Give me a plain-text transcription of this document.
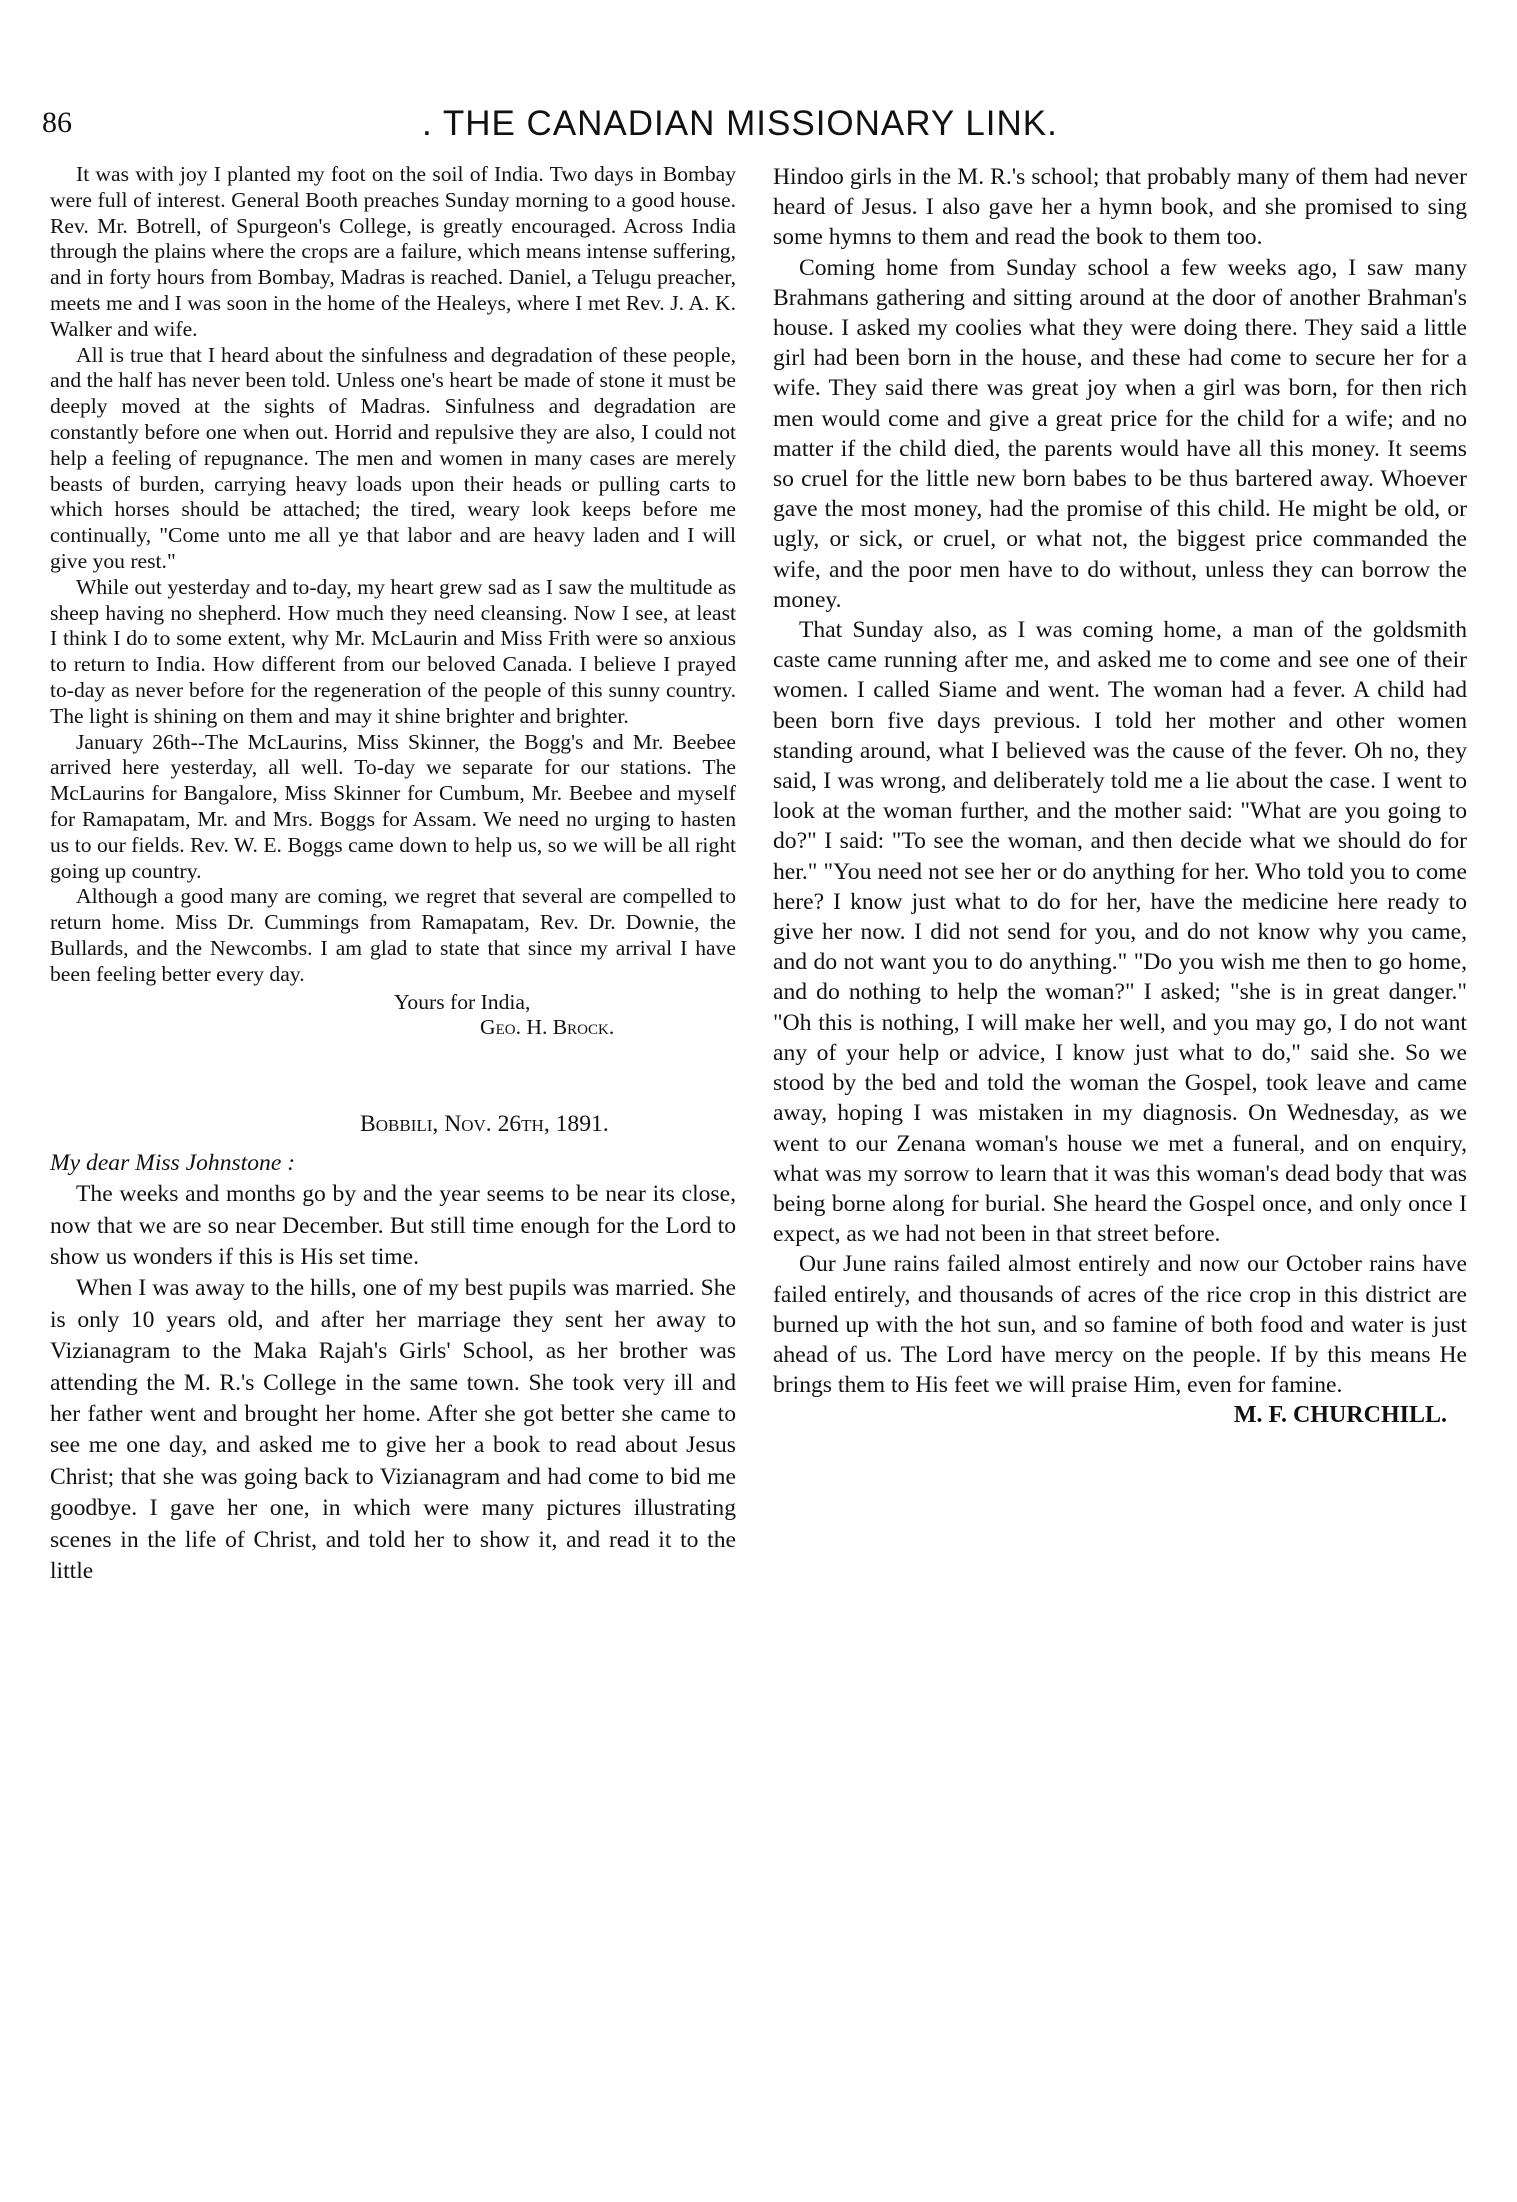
86	. THE CANADIAN MISSIONARY LINK.

It was with joy I planted my foot on the soil of India. Two days in Bombay were full of interest. General Booth preaches Sunday morning to a good house. Rev. Mr. Botrell, of Spurgeon's College, is greatly encouraged. Across India through the plains where the crops are a failure, which means intense suffering, and in forty hours from Bombay, Madras is reached. Daniel, a Telugu preacher, meets me and I was soon in the home of the Healeys, where I met Rev. J. A. K. Walker and wife.

All is true that I heard about the sinfulness and degradation of these people, and the half has never been told. Unless one's heart be made of stone it must be deeply moved at the sights of Madras. Sinfulness and degradation are constantly before one when out. Horrid and repulsive they are also, I could not help a feeling of repugnance. The men and women in many cases are merely beasts of burden, carrying heavy loads upon their heads or pulling carts to which horses should be attached; the tired, weary look keeps before me continually, "Come unto me all ye that labor and are heavy laden and I will give you rest."

While out yesterday and to-day, my heart grew sad as I saw the multitude as sheep having no shepherd. How much they need cleansing. Now I see, at least I think I do to some extent, why Mr. McLaurin and Miss Frith were so anxious to return to India. How different from our beloved Canada. I believe I prayed to-day as never before for the regeneration of the people of this sunny country. The light is shining on them and may it shine brighter and brighter.

January 26th--The McLaurins, Miss Skinner, the Bogg's and Mr. Beebee arrived here yesterday, all well. To-day we separate for our stations. The McLaurins for Bangalore, Miss Skinner for Cumbum, Mr. Beebee and myself for Ramapatam, Mr. and Mrs. Boggs for Assam. We need no urging to hasten us to our fields. Rev. W. E. Boggs came down to help us, so we will be all right going up country.

Although a good many are coming, we regret that several are compelled to return home. Miss Dr. Cummings from Ramapatam, Rev. Dr. Downie, the Bullards, and the Newcombs. I am glad to state that since my arrival I have been feeling better every day.

Yours for India,
Geo. H. Brock.
Bobbili, Nov. 26th, 1891.
My dear Miss Johnstone :

The weeks and months go by and the year seems to be near its close, now that we are so near December. But still time enough for the Lord to show us wonders if this is His set time.

When I was away to the hills, one of my best pupils was married. She is only 10 years old, and after her marriage they sent her away to Vizianagram to the Maka Rajah's Girls' School, as her brother was attending the M. R.'s College in the same town. She took very ill and her father went and brought her home. After she got better she came to see me one day, and asked me to give her a book to read about Jesus Christ; that she was going back to Vizianagram and had come to bid me goodbye. I gave her one, in which were many pictures illustrating scenes in the life of Christ, and told her to show it, and read it to the little

Hindoo girls in the M. R.'s school; that probably many of them had never heard of Jesus. I also gave her a hymn book, and she promised to sing some hymns to them and read the book to them too.

Coming home from Sunday school a few weeks ago, I saw many Brahmans gathering and sitting around at the door of another Brahman's house. I asked my coolies what they were doing there. They said a little girl had been born in the house, and these had come to secure her for a wife. They said there was great joy when a girl was born, for then rich men would come and give a great price for the child for a wife; and no matter if the child died, the parents would have all this money. It seems so cruel for the little new born babes to be thus bartered away. Whoever gave the most money, had the promise of this child. He might be old, or ugly, or sick, or cruel, or what not, the biggest price commanded the wife, and the poor men have to do without, unless they can borrow the money.

That Sunday also, as I was coming home, a man of the goldsmith caste came running after me, and asked me to come and see one of their women. I called Siame and went. The woman had a fever. A child had been born five days previous. I told her mother and other women standing around, what I believed was the cause of the fever. Oh no, they said, I was wrong, and deliberately told me a lie about the case. I went to look at the woman further, and the mother said: "What are you going to do?" I said: "To see the woman, and then decide what we should do for her." "You need not see her or do anything for her. Who told you to come here? I know just what to do for her, have the medicine here ready to give her now. I did not send for you, and do not know why you came, and do not want you to do anything." "Do you wish me then to go home, and do nothing to help the woman?" I asked; "she is in great danger." "Oh this is nothing, I will make her well, and you may go, I do not want any of your help or advice, I know just what to do," said she. So we stood by the bed and told the woman the Gospel, took leave and came away, hoping I was mistaken in my diagnosis. On Wednesday, as we went to our Zenana woman's house we met a funeral, and on enquiry, what was my sorrow to learn that it was this woman's dead body that was being borne along for burial. She heard the Gospel once, and only once I expect, as we had not been in that street before.

Our June rains failed almost entirely and now our October rains have failed entirely, and thousands of acres of the rice crop in this district are burned up with the hot sun, and so famine of both food and water is just ahead of us. The Lord have mercy on the people. If by this means He brings them to His feet we will praise Him, even for famine.

M. F. CHURCHILL.
